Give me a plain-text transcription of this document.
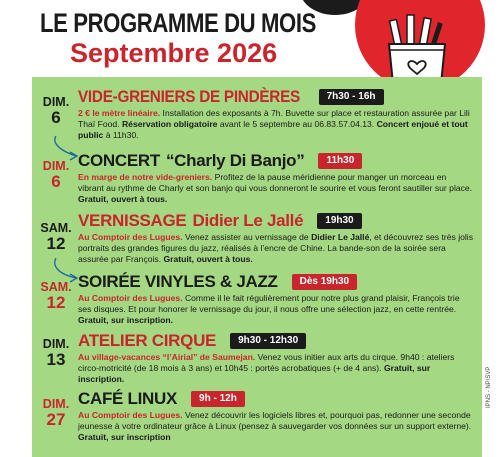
LE PROGRAMME DU MOIS
Septembre 2026
DIM.
6
VIDE-GRENIERS DE PINDÈRES	7h30 - 16h
2 € le mètre linéaire. Installation des exposants à 7h. Buvette sur place et restauration assurée par Lili Thaï Food. Réservation obligatoire avant le 5 septembre au 06.83.57.04.13. Concert enjoué et tout public à 11h30.
DIM.
6
CONCERT “Charly Di Banjo”	11h30
En marge de notre vide-greniers. Profitez de la pause méridienne pour manger un morceau en vibrant au rythme de Charly et son banjo qui vous donneront le sourire et vous feront sautiller sur place. Gratuit, ouvert à tous.
SAM.
12
VERNISSAGE Didier Le Jallé	19h30
Au Comptoir des Lugues. Venez assister au vernissage de Didier Le Jallé, et découvrez ses très jolis portraits des grandes figures du jazz, réalisés à l’encre de Chine. La bande-son de la soirée sera assurée par François. Gratuit, ouvert à tous.
SAM.
12
SOIRÉE VINYLES & JAZZ	Dès 19h30
Au Comptoir des Lugues. Comme il le fait régulièrement pour notre plus grand plaisir, François trie ses disques. Et pour honorer le vernissage du jour, il nous offre une sélection jazz, en cette rentrée. Gratuit, sur inscription.
DIM.
13
ATELIER CIRQUE	9h30 - 12h30
Au village-vacances “l’Airial” de Saumejan. Venez vous initier aux arts du cirque. 9h40 : ateliers circo-motricité (de 18 mois à 3 ans) et 10h45 : portés acrobatiques (+ de 4 ans). Gratuit, sur inscription.
DIM.
27
CAFÉ LINUX	9h - 12h
Au Comptoir des Lugues. Venez découvrir les logiciels libres et, pourquoi pas, redonner une seconde jeunesse à votre ordinateur grâce à Linux (pensez à sauvegarder vos données sur un support externe). Gratuit, sur inscription
IPNS - NP/SVP
